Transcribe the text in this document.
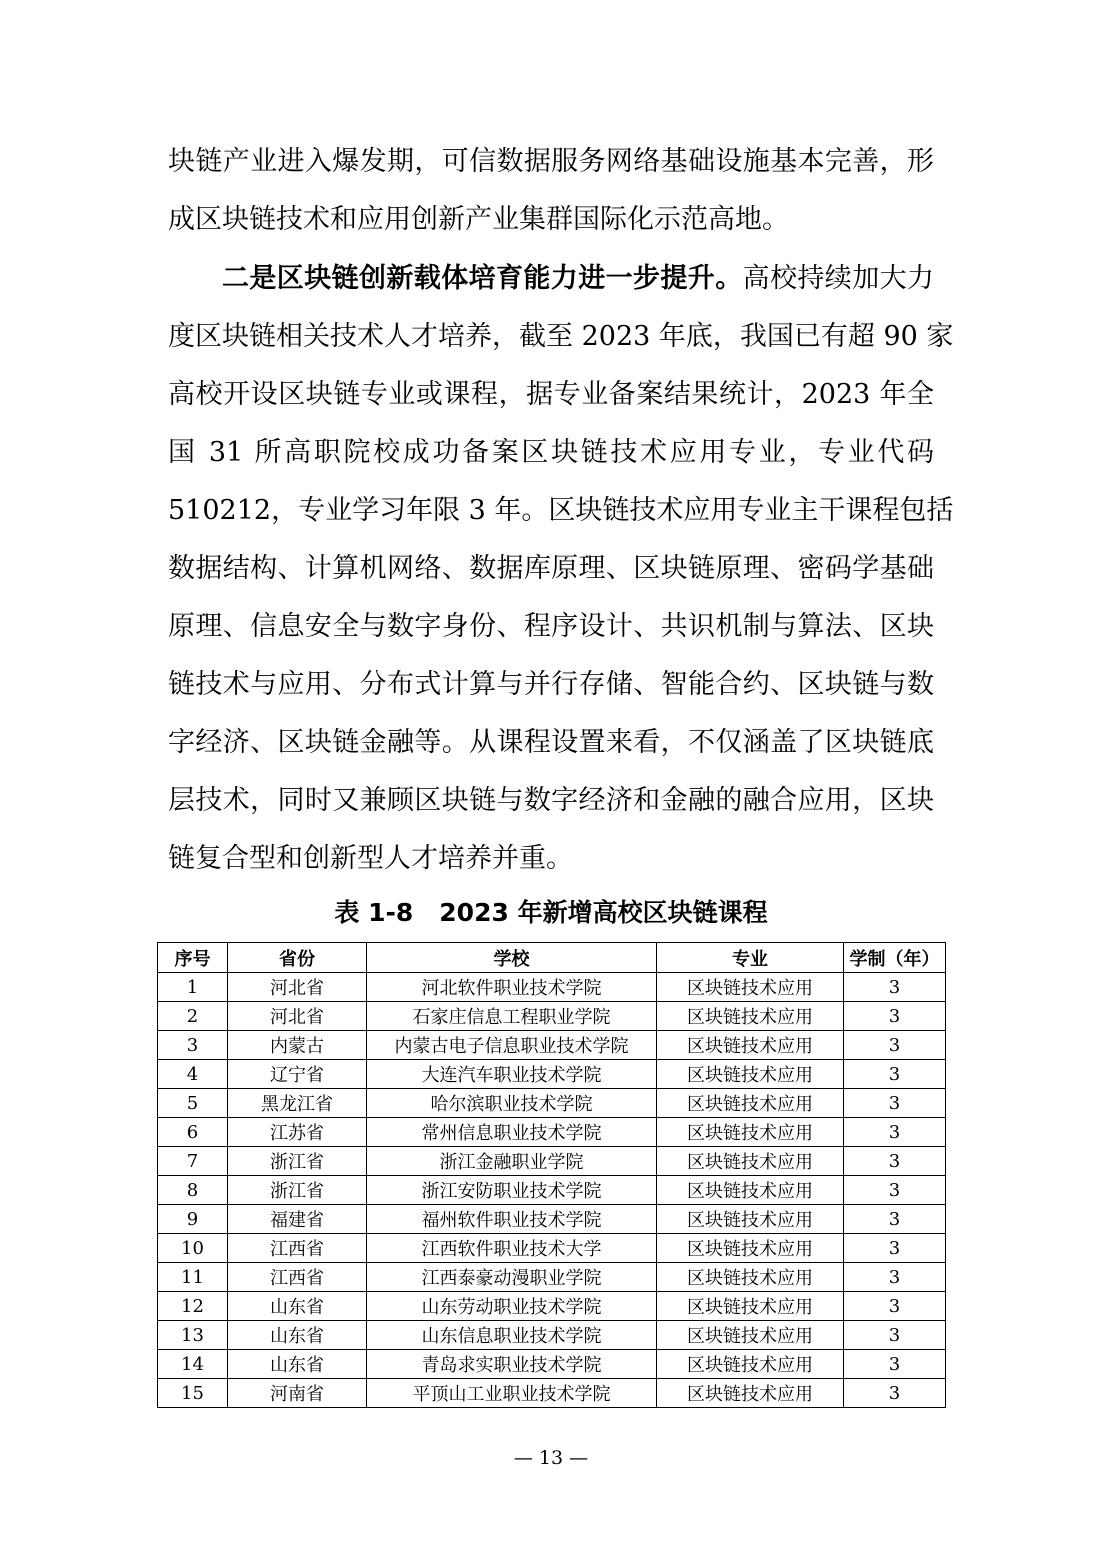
块链产业进入爆发期，可信数据服务网络基础设施基本完善，形
成区块链技术和应用创新产业集群国际化示范高地。
二是区块链创新载体培育能力进一步提升。高校持续加大力
度区块链相关技术人才培养，截至 2023 年底，我国已有超 90 家
高校开设区块链专业或课程，据专业备案结果统计，2023 年全
国 31 所高职院校成功备案区块链技术应用专业，专业代码
510212，专业学习年限 3 年。区块链技术应用专业主干课程包括
数据结构、计算机网络、数据库原理、区块链原理、密码学基础
原理、信息安全与数字身份、程序设计、共识机制与算法、区块
链技术与应用、分布式计算与并行存储、智能合约、区块链与数
字经济、区块链金融等。从课程设置来看，不仅涵盖了区块链底
层技术，同时又兼顾区块链与数字经济和金融的融合应用，区块
链复合型和创新型人才培养并重。
表 1-8 2023 年新增高校区块链课程
序号	省份	学校	专业	学制（年）
1	河北省	河北软件职业技术学院	区块链技术应用	3
2	河北省	石家庄信息工程职业学院	区块链技术应用	3
3	内蒙古	内蒙古电子信息职业技术学院	区块链技术应用	3
4	辽宁省	大连汽车职业技术学院	区块链技术应用	3
5	黑龙江省	哈尔滨职业技术学院	区块链技术应用	3
6	江苏省	常州信息职业技术学院	区块链技术应用	3
7	浙江省	浙江金融职业学院	区块链技术应用	3
8	浙江省	浙江安防职业技术学院	区块链技术应用	3
9	福建省	福州软件职业技术学院	区块链技术应用	3
10	江西省	江西软件职业技术大学	区块链技术应用	3
11	江西省	江西泰豪动漫职业学院	区块链技术应用	3
12	山东省	山东劳动职业技术学院	区块链技术应用	3
13	山东省	山东信息职业技术学院	区块链技术应用	3
14	山东省	青岛求实职业技术学院	区块链技术应用	3
15	河南省	平顶山工业职业技术学院	区块链技术应用	3
— 13 —
